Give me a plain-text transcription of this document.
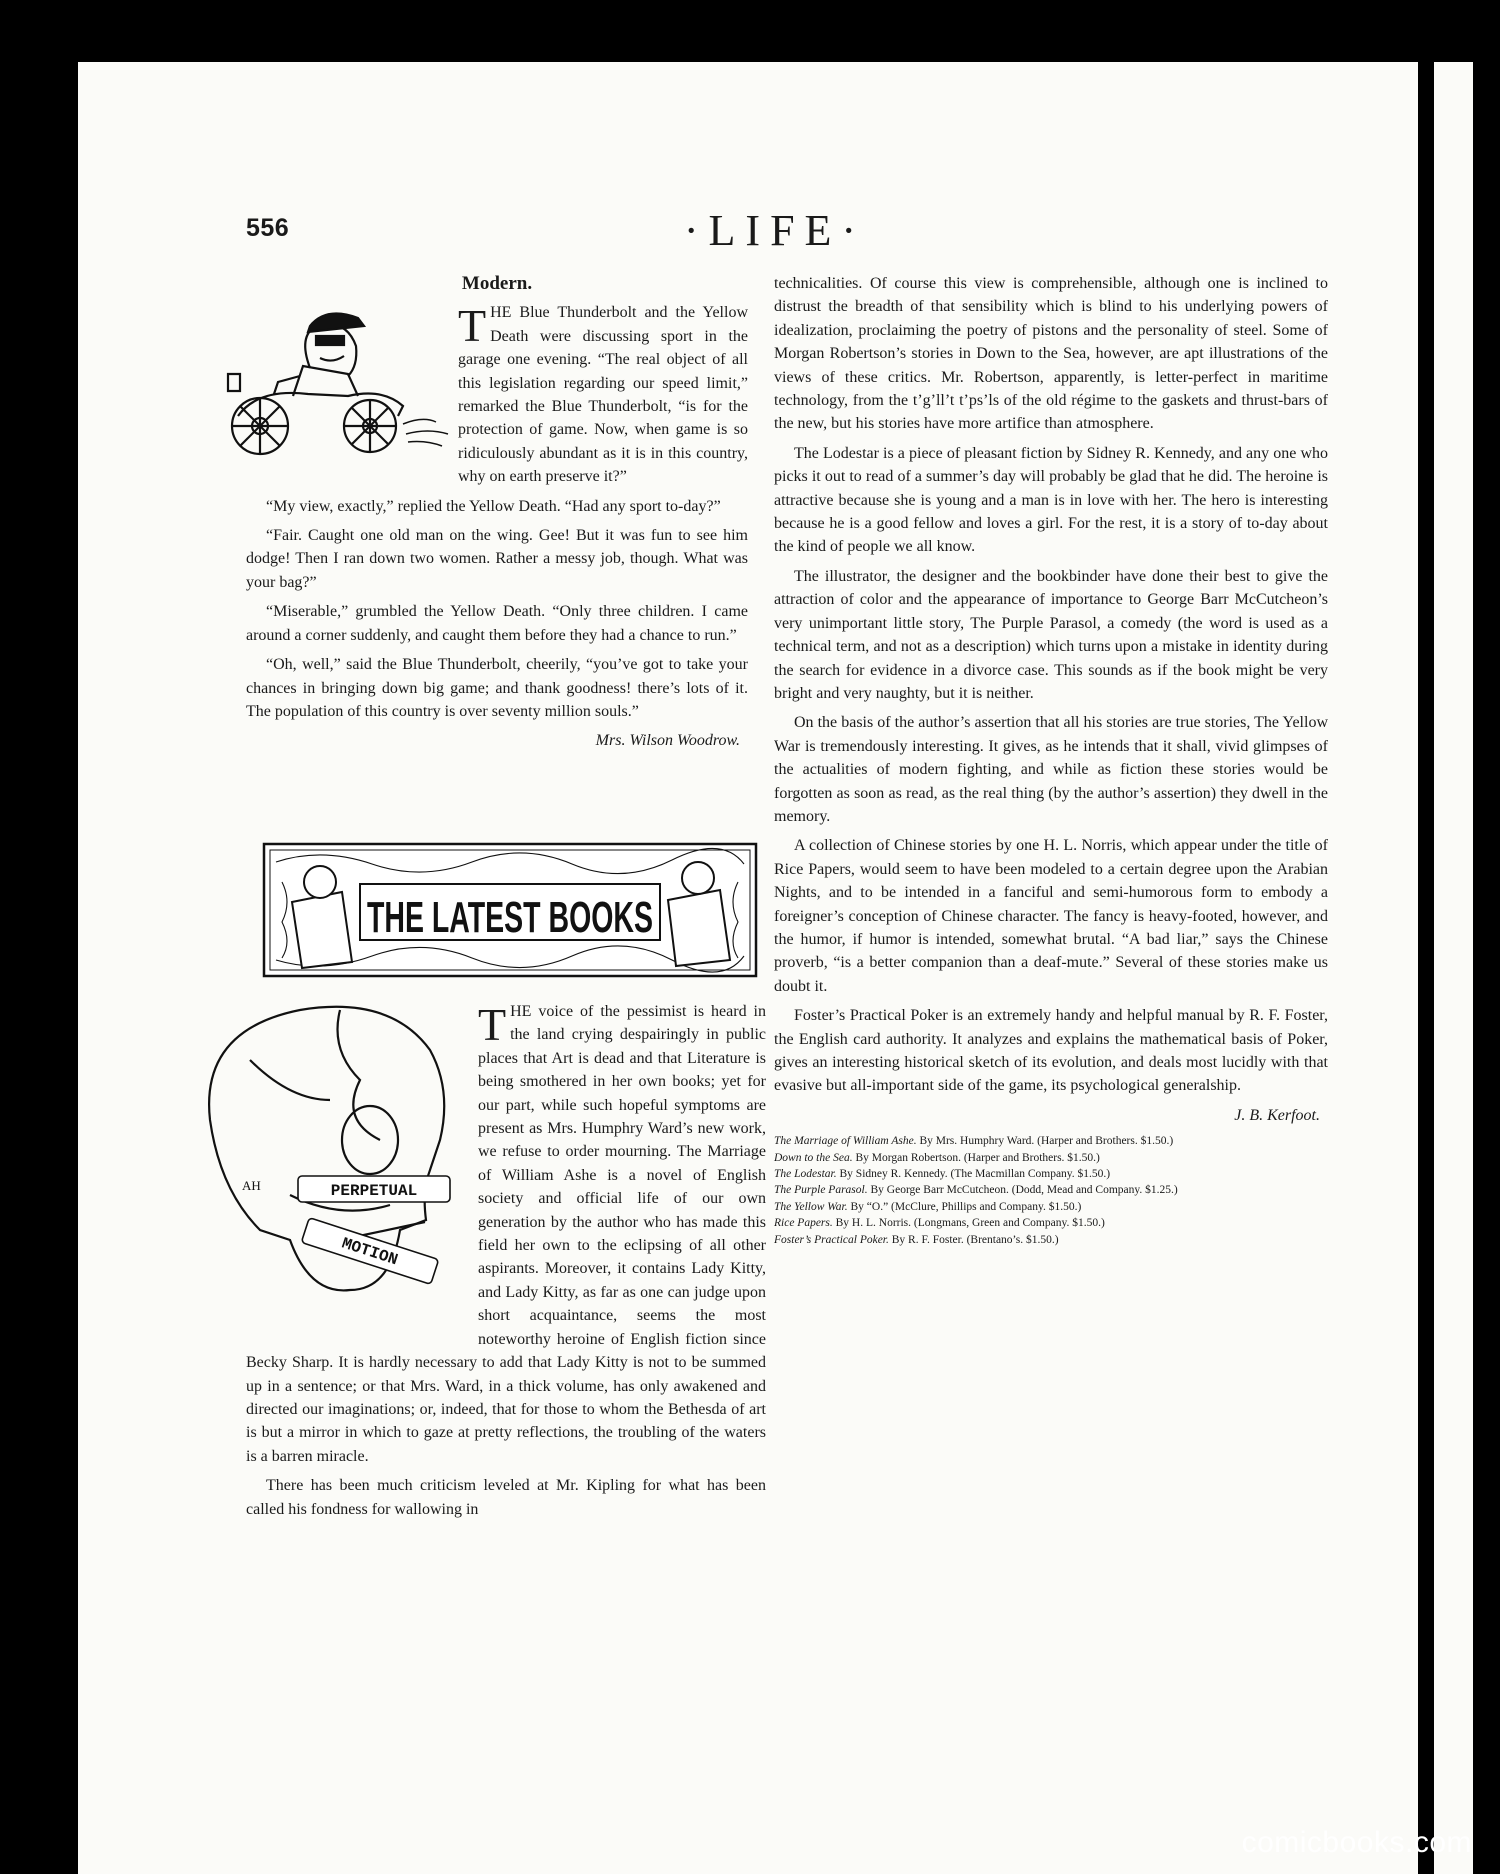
556	·LIFE·
Modern.

THE Blue Thunderbolt and the Yellow Death were discussing sport in the garage one evening. “The real object of all this legislation regarding our speed limit,” remarked the Blue Thunderbolt, “is for the protection of game. Now, when game is so ridiculously abundant as it is in this country, why on earth preserve it?”

“My view, exactly,” replied the Yellow Death. “Had any sport to-day?”

“Fair. Caught one old man on the wing. Gee! But it was fun to see him dodge! Then I ran down two women. Rather a messy job, though. What was your bag?”

“Miserable,” grumbled the Yellow Death. “Only three children. I came around a corner suddenly, and caught them before they had a chance to run.”

“Oh, well,” said the Blue Thunderbolt, cheerily, “you’ve got to take your chances in bringing down big game; and thank goodness! there’s lots of it. The population of this country is over seventy million souls.”

Mrs. Wilson Woodrow.
THE LATEST BOOKS
PERPETUAL
MOTION
AH

THE voice of the pessimist is heard in the land crying despairingly in public places that Art is dead and that Literature is being smothered in her own books; yet for our part, while such hopeful symptoms are present as Mrs. Humphry Ward’s new work, we refuse to order mourning. The Marriage of William Ashe is a novel of English society and official life of our own generation by the author who has made this field her own to the eclipsing of all other aspirants. Moreover, it contains Lady Kitty, and Lady Kitty, as far as one can judge upon short acquaintance, seems the most noteworthy heroine of English fiction since Becky Sharp. It is hardly necessary to add that Lady Kitty is not to be summed up in a sentence; or that Mrs. Ward, in a thick volume, has only awakened and directed our imaginations; or, indeed, that for those to whom the Bethesda of art is but a mirror in which to gaze at pretty reflections, the troubling of the waters is a barren miracle.

There has been much criticism leveled at Mr. Kipling for what has been called his fondness for wallowing in

technicalities. Of course this view is comprehensible, although one is inclined to distrust the breadth of that sensibility which is blind to his underlying powers of idealization, proclaiming the poetry of pistons and the personality of steel. Some of Morgan Robertson’s stories in Down to the Sea, however, are apt illustrations of the views of these critics. Mr. Robertson, apparently, is letter-perfect in maritime technology, from the t’g’ll’t t’ps’ls of the old régime to the gaskets and thrust-bars of the new, but his stories have more artifice than atmosphere.

The Lodestar is a piece of pleasant fiction by Sidney R. Kennedy, and any one who picks it out to read of a summer’s day will probably be glad that he did. The heroine is attractive because she is young and a man is in love with her. The hero is interesting because he is a good fellow and loves a girl. For the rest, it is a story of to-day about the kind of people we all know.

The illustrator, the designer and the bookbinder have done their best to give the attraction of color and the appearance of importance to George Barr McCutcheon’s very unimportant little story, The Purple Parasol, a comedy (the word is used as a technical term, and not as a description) which turns upon a mistake in identity during the search for evidence in a divorce case. This sounds as if the book might be very bright and very naughty, but it is neither.

On the basis of the author’s assertion that all his stories are true stories, The Yellow War is tremendously interesting. It gives, as he intends that it shall, vivid glimpses of the actualities of modern fighting, and while as fiction these stories would be forgotten as soon as read, as the real thing (by the author’s assertion) they dwell in the memory.

A collection of Chinese stories by one H. L. Norris, which appear under the title of Rice Papers, would seem to have been modeled to a certain degree upon the Arabian Nights, and to be intended in a fanciful and semi-humorous form to embody a foreigner’s conception of Chinese character. The fancy is heavy-footed, however, and the humor, if humor is intended, somewhat brutal. “A bad liar,” says the Chinese proverb, “is a better companion than a deaf-mute.” Several of these stories make us doubt it.

Foster’s Practical Poker is an extremely handy and helpful manual by R. F. Foster, the English card authority. It analyzes and explains the mathematical basis of Poker, gives an interesting historical sketch of its evolution, and deals most lucidly with that evasive but all-important side of the game, its psychological generalship.

J. B. Kerfoot.
The Marriage of William Ashe. By Mrs. Humphry Ward. (Harper and Brothers. $1.50.)
Down to the Sea. By Morgan Robertson. (Harper and Brothers. $1.50.)
The Lodestar. By Sidney R. Kennedy. (The Macmillan Company. $1.50.)
The Purple Parasol. By George Barr McCutcheon. (Dodd, Mead and Company. $1.25.)
The Yellow War. By “O.” (McClure, Phillips and Company. $1.50.)
Rice Papers. By H. L. Norris. (Longmans, Green and Company. $1.50.)
Foster’s Practical Poker. By R. F. Foster. (Brentano’s. $1.50.)
comicbooks.com
